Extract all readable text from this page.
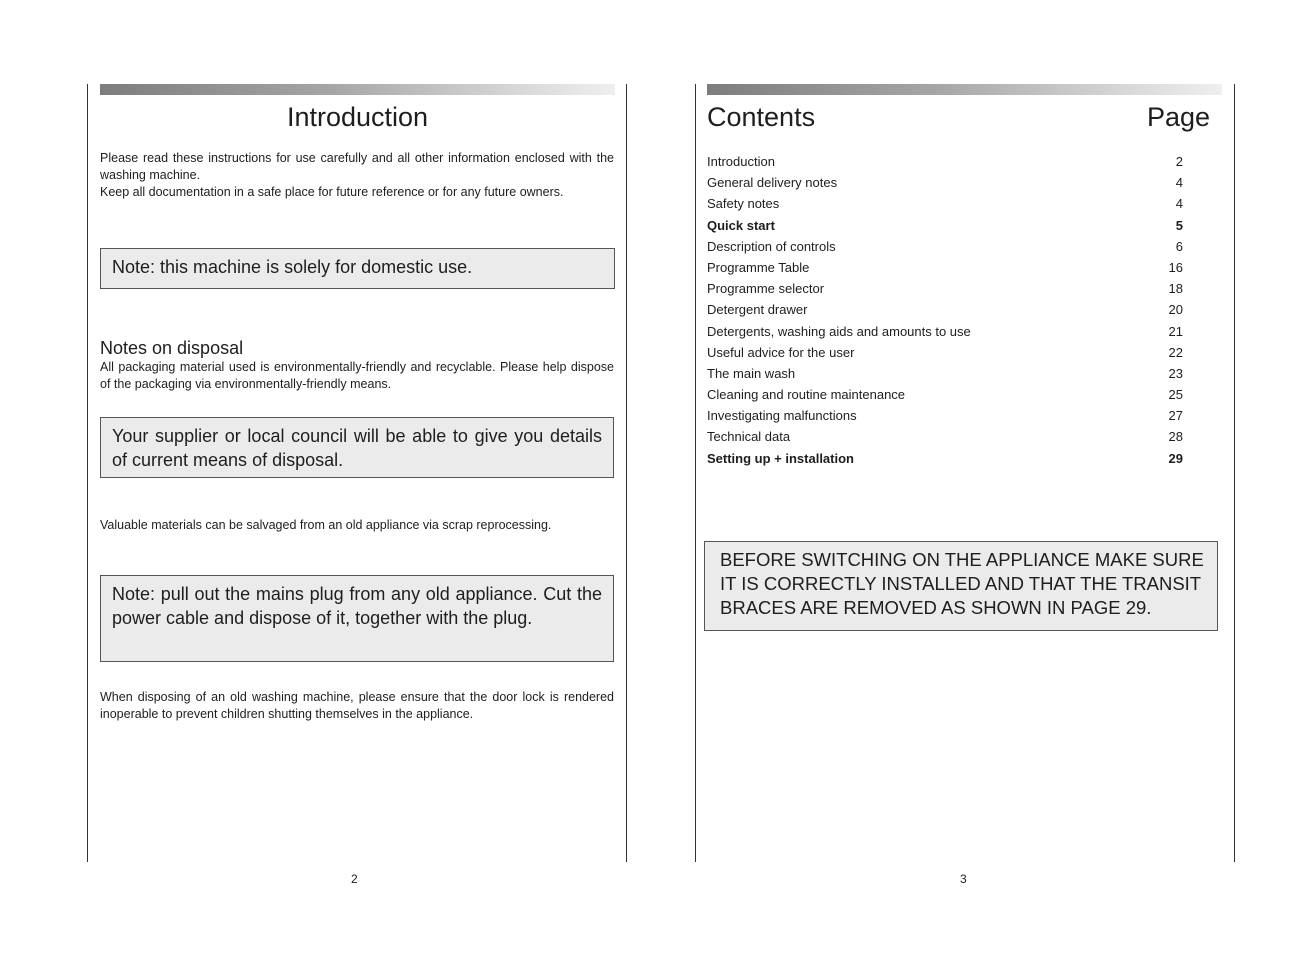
Introduction
Please read these instructions for use carefully and all other information enclosed with the washing machine.
Keep all documentation in a safe place for future reference or for any future owners.
Note: this machine is solely for domestic use.
Notes on disposal
All packaging material used is environmentally-friendly and recyclable. Please help dispose of the packaging via environmentally-friendly means.
Your supplier or local council will be able to give you details of current means of disposal.
Valuable materials can be salvaged from an old appliance via scrap reprocessing.
Note: pull out the mains plug from any old appliance. Cut the power cable and dispose of it, together with the plug.
When disposing of an old washing machine, please ensure that the door lock is rendered inoperable to prevent children shutting themselves in the appliance.
2
Contents	Page
Introduction	2
General delivery notes	4
Safety notes	4
Quick start	5
Description of controls	6
Programme Table	16
Programme selector	18
Detergent drawer	20
Detergents, washing aids and amounts to use	21
Useful advice for the user	22
The main wash	23
Cleaning and routine maintenance	25
Investigating malfunctions	27
Technical data	28
Setting up + installation	29
BEFORE SWITCHING ON THE APPLIANCE MAKE SURE IT IS CORRECTLY INSTALLED AND THAT THE TRANSIT BRACES ARE REMOVED AS SHOWN IN PAGE 29.
3
